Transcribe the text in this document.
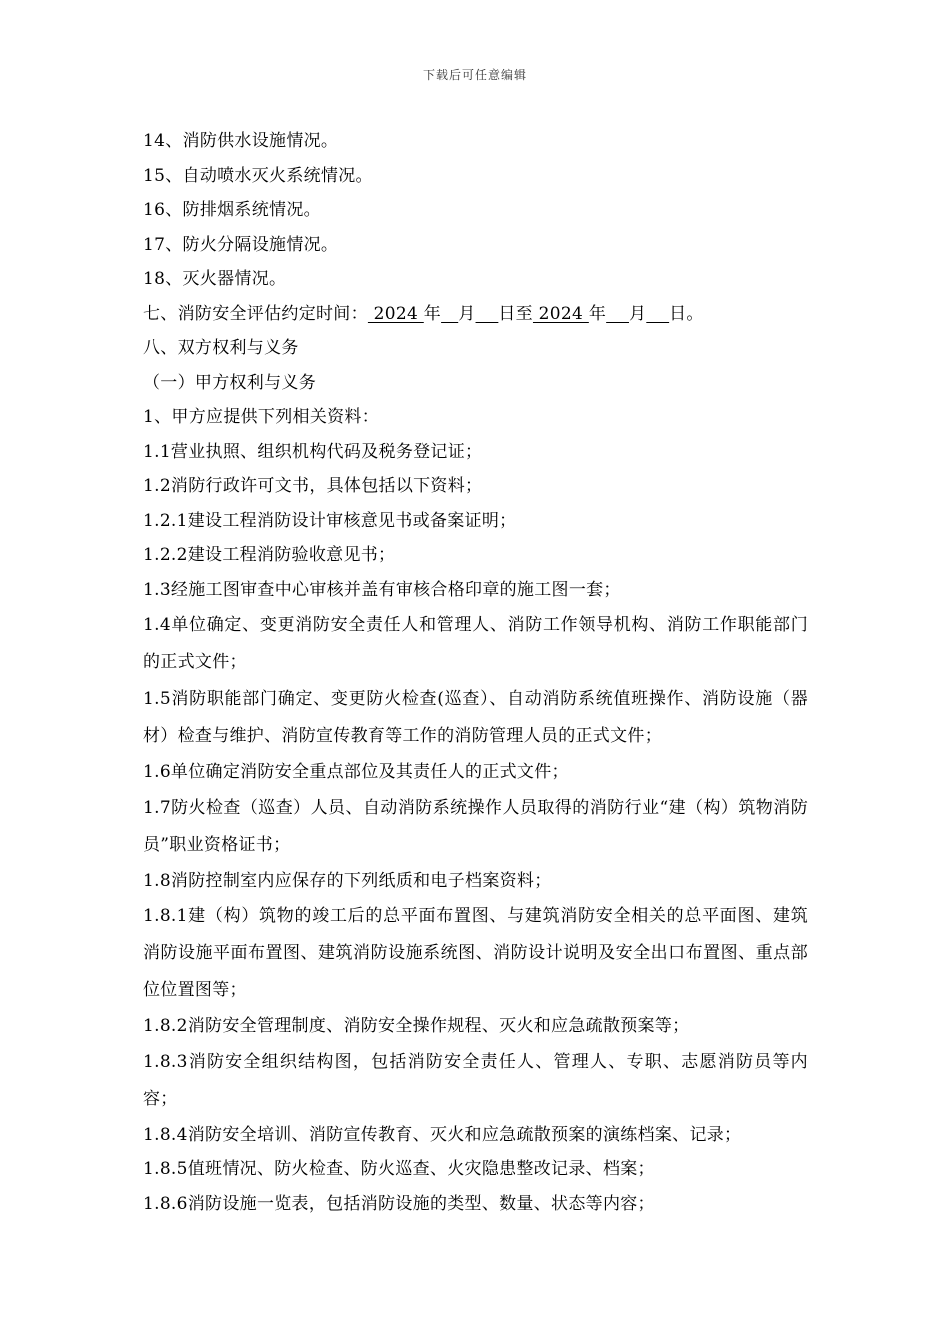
下载后可任意编辑
14、消防供水设施情况。
15、自动喷水灭火系统情况。
16、防排烟系统情况。
17、防火分隔设施情况。
18、灭火器情况。
七、消防安全评估约定时间： 2024 年 月 日至 2024 年 月 日。
八、双方权利与义务
（一）甲方权利与义务
1、甲方应提供下列相关资料：
1.1营业执照、组织机构代码及税务登记证；
1.2消防行政许可文书，具体包括以下资料；
1.2.1建设工程消防设计审核意见书或备案证明；
1.2.2建设工程消防验收意见书；
1.3经施工图审查中心审核并盖有审核合格印章的施工图一套；
1.4单位确定、变更消防安全责任人和管理人、消防工作领导机构、消防工作职能部门的正式文件；
1.5消防职能部门确定、变更防火检查(巡查）、自动消防系统值班操作、消防设施（器材）检查与维护、消防宣传教育等工作的消防管理人员的正式文件；
1.6单位确定消防安全重点部位及其责任人的正式文件；
1.7防火检查（巡查）人员、自动消防系统操作人员取得的消防行业“建（构）筑物消防员”职业资格证书；
1.8消防控制室内应保存的下列纸质和电子档案资料；
1.8.1建（构）筑物的竣工后的总平面布置图、与建筑消防安全相关的总平面图、建筑消防设施平面布置图、建筑消防设施系统图、消防设计说明及安全出口布置图、重点部位位置图等；
1.8.2消防安全管理制度、消防安全操作规程、灭火和应急疏散预案等；
1.8.3消防安全组织结构图，包括消防安全责任人、管理人、专职、志愿消防员等内容；
1.8.4消防安全培训、消防宣传教育、灭火和应急疏散预案的演练档案、记录；
1.8.5值班情况、防火检查、防火巡查、火灾隐患整改记录、档案；
1.8.6消防设施一览表，包括消防设施的类型、数量、状态等内容；
